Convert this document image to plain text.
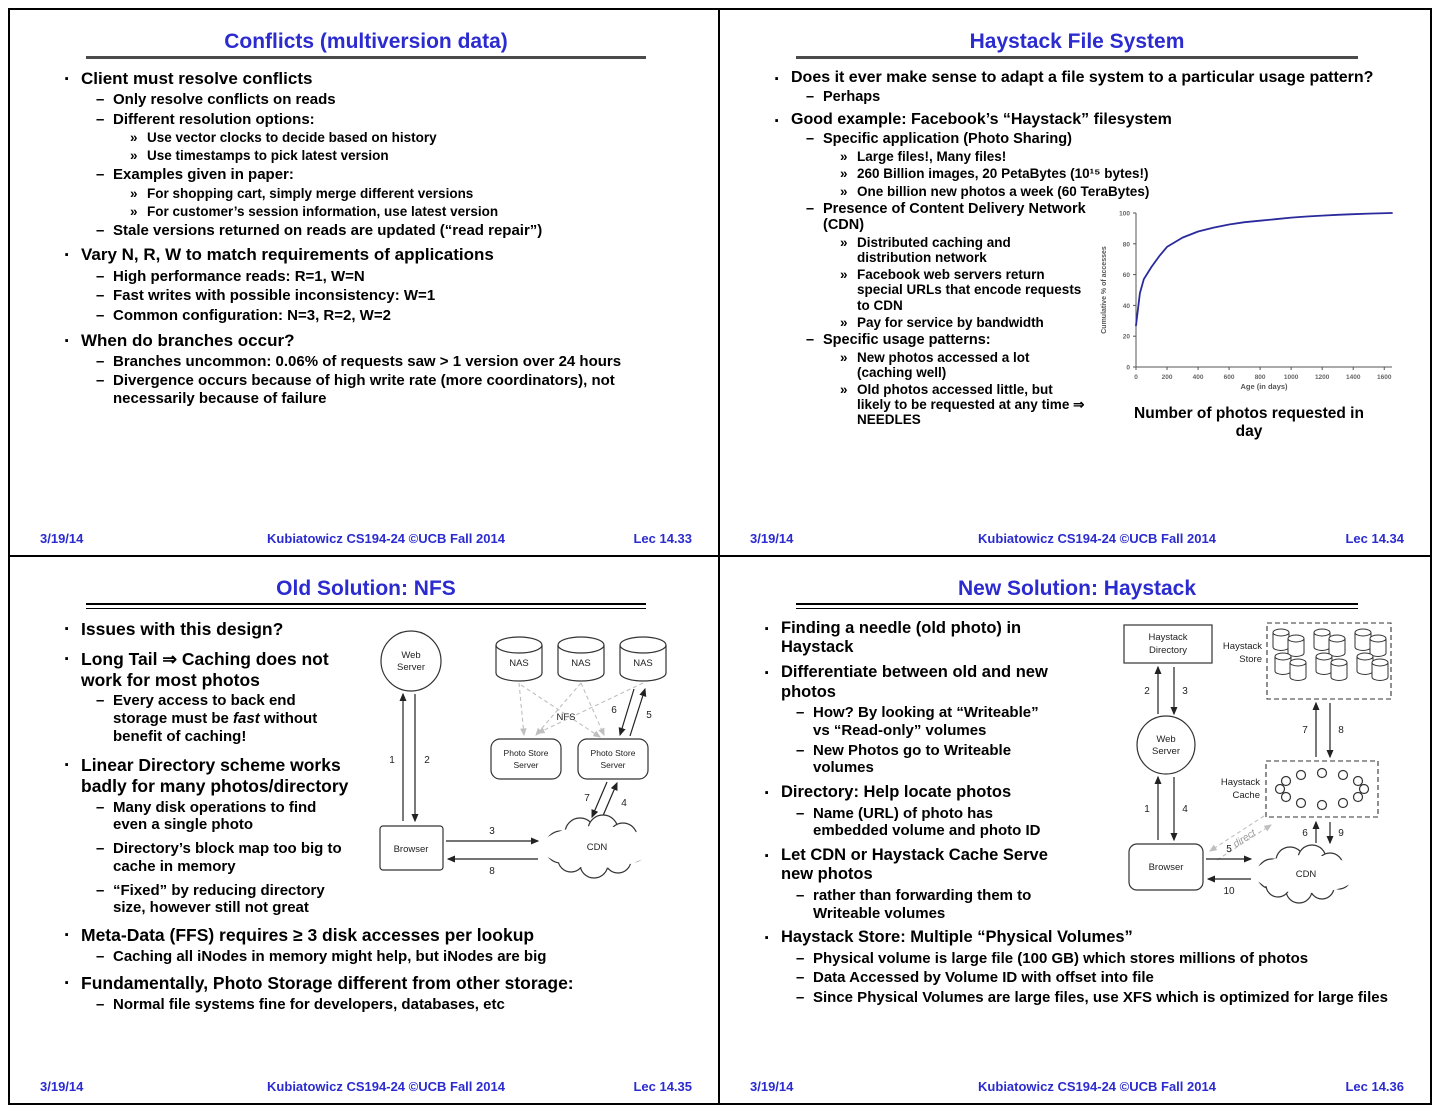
Conflicts (multiversion data)
· Client must resolve conflicts
– Only resolve conflicts on reads
– Different resolution options:
» Use vector clocks to decide based on history
» Use timestamps to pick latest version
– Examples given in paper:
» For shopping cart, simply merge different versions
» For customer’s session information, use latest version
– Stale versions returned on reads are updated (“read repair”)
· Vary N, R, W to match requirements of applications
– High performance reads: R=1, W=N
– Fast writes with possible inconsistency: W=1
– Common configuration: N=3, R=2, W=2
· When do branches occur?
– Branches uncommon: 0.06% of requests saw > 1 version over 24 hours
– Divergence occurs because of high write rate (more coordinators), not necessarily because of failure
3/19/14	Kubiatowicz CS194-24 ©UCB Fall 2014	Lec 14.33
Haystack File System
· Does it ever make sense to adapt a file system to a particular usage pattern?
– Perhaps
· Good example: Facebook’s “Haystack” filesystem
– Specific application (Photo Sharing)
» Large files!, Many files!
» 260 Billion images, 20 PetaBytes (10¹⁵ bytes!)
» One billion new photos a week (60 TeraBytes)
0	200	400	600	800	1000	1200	1400	1600
0
20
40
60
80
100
Age (in days)
Cumulative % of accesses
Number of photos requested in day
– Presence of Content Delivery Network (CDN)
» Distributed caching and distribution network
» Facebook web servers return special URLs that encode requests to CDN
» Pay for service by bandwidth
– Specific usage patterns:
» New photos accessed a lot (caching well)
» Old photos accessed little, but likely to be requested at any time ⇒ NEEDLES
3/19/14	Kubiatowicz CS194-24 ©UCB Fall 2014	Lec 14.34
Old Solution: NFS
Web
Server
1	2
Browser
NAS	NAS	NAS
NFS
Photo Store
Server
Photo Store
Server
6	5
7	4
CDN
3
8
· Issues with this design?
· Long Tail ⇒ Caching does not work for most photos
– Every access to back end storage must be fast without benefit of caching!
· Linear Directory scheme works badly for many photos/directory
– Many disk operations to find even a single photo
– Directory’s block map too big to cache in memory
– “Fixed” by reducing directory size, however still not great
· Meta-Data (FFS) requires ≥ 3 disk accesses per lookup
– Caching all iNodes in memory might help, but iNodes are big
· Fundamentally, Photo Storage different from other storage:
– Normal file systems fine for developers, databases, etc
3/19/14	Kubiatowicz CS194-24 ©UCB Fall 2014	Lec 14.35
New Solution: Haystack
Haystack
Directory
2	3
Web
Server
1	4
Browser
Haystack
Store
7	8
Haystack
Cache
6	9
direct
CDN
5
10
· Finding a needle (old photo) in Haystack
· Differentiate between old and new photos
– How? By looking at “Writeable” vs “Read-only” volumes
– New Photos go to Writeable volumes
· Directory: Help locate photos
– Name (URL) of photo has embedded volume and photo ID
· Let CDN or Haystack Cache Serve new photos
– rather than forwarding them to Writeable volumes
· Haystack Store: Multiple “Physical Volumes”
– Physical volume is large file (100 GB) which stores millions of photos
– Data Accessed by Volume ID with offset into file
– Since Physical Volumes are large files, use XFS which is optimized for large files
3/19/14	Kubiatowicz CS194-24 ©UCB Fall 2014	Lec 14.36
